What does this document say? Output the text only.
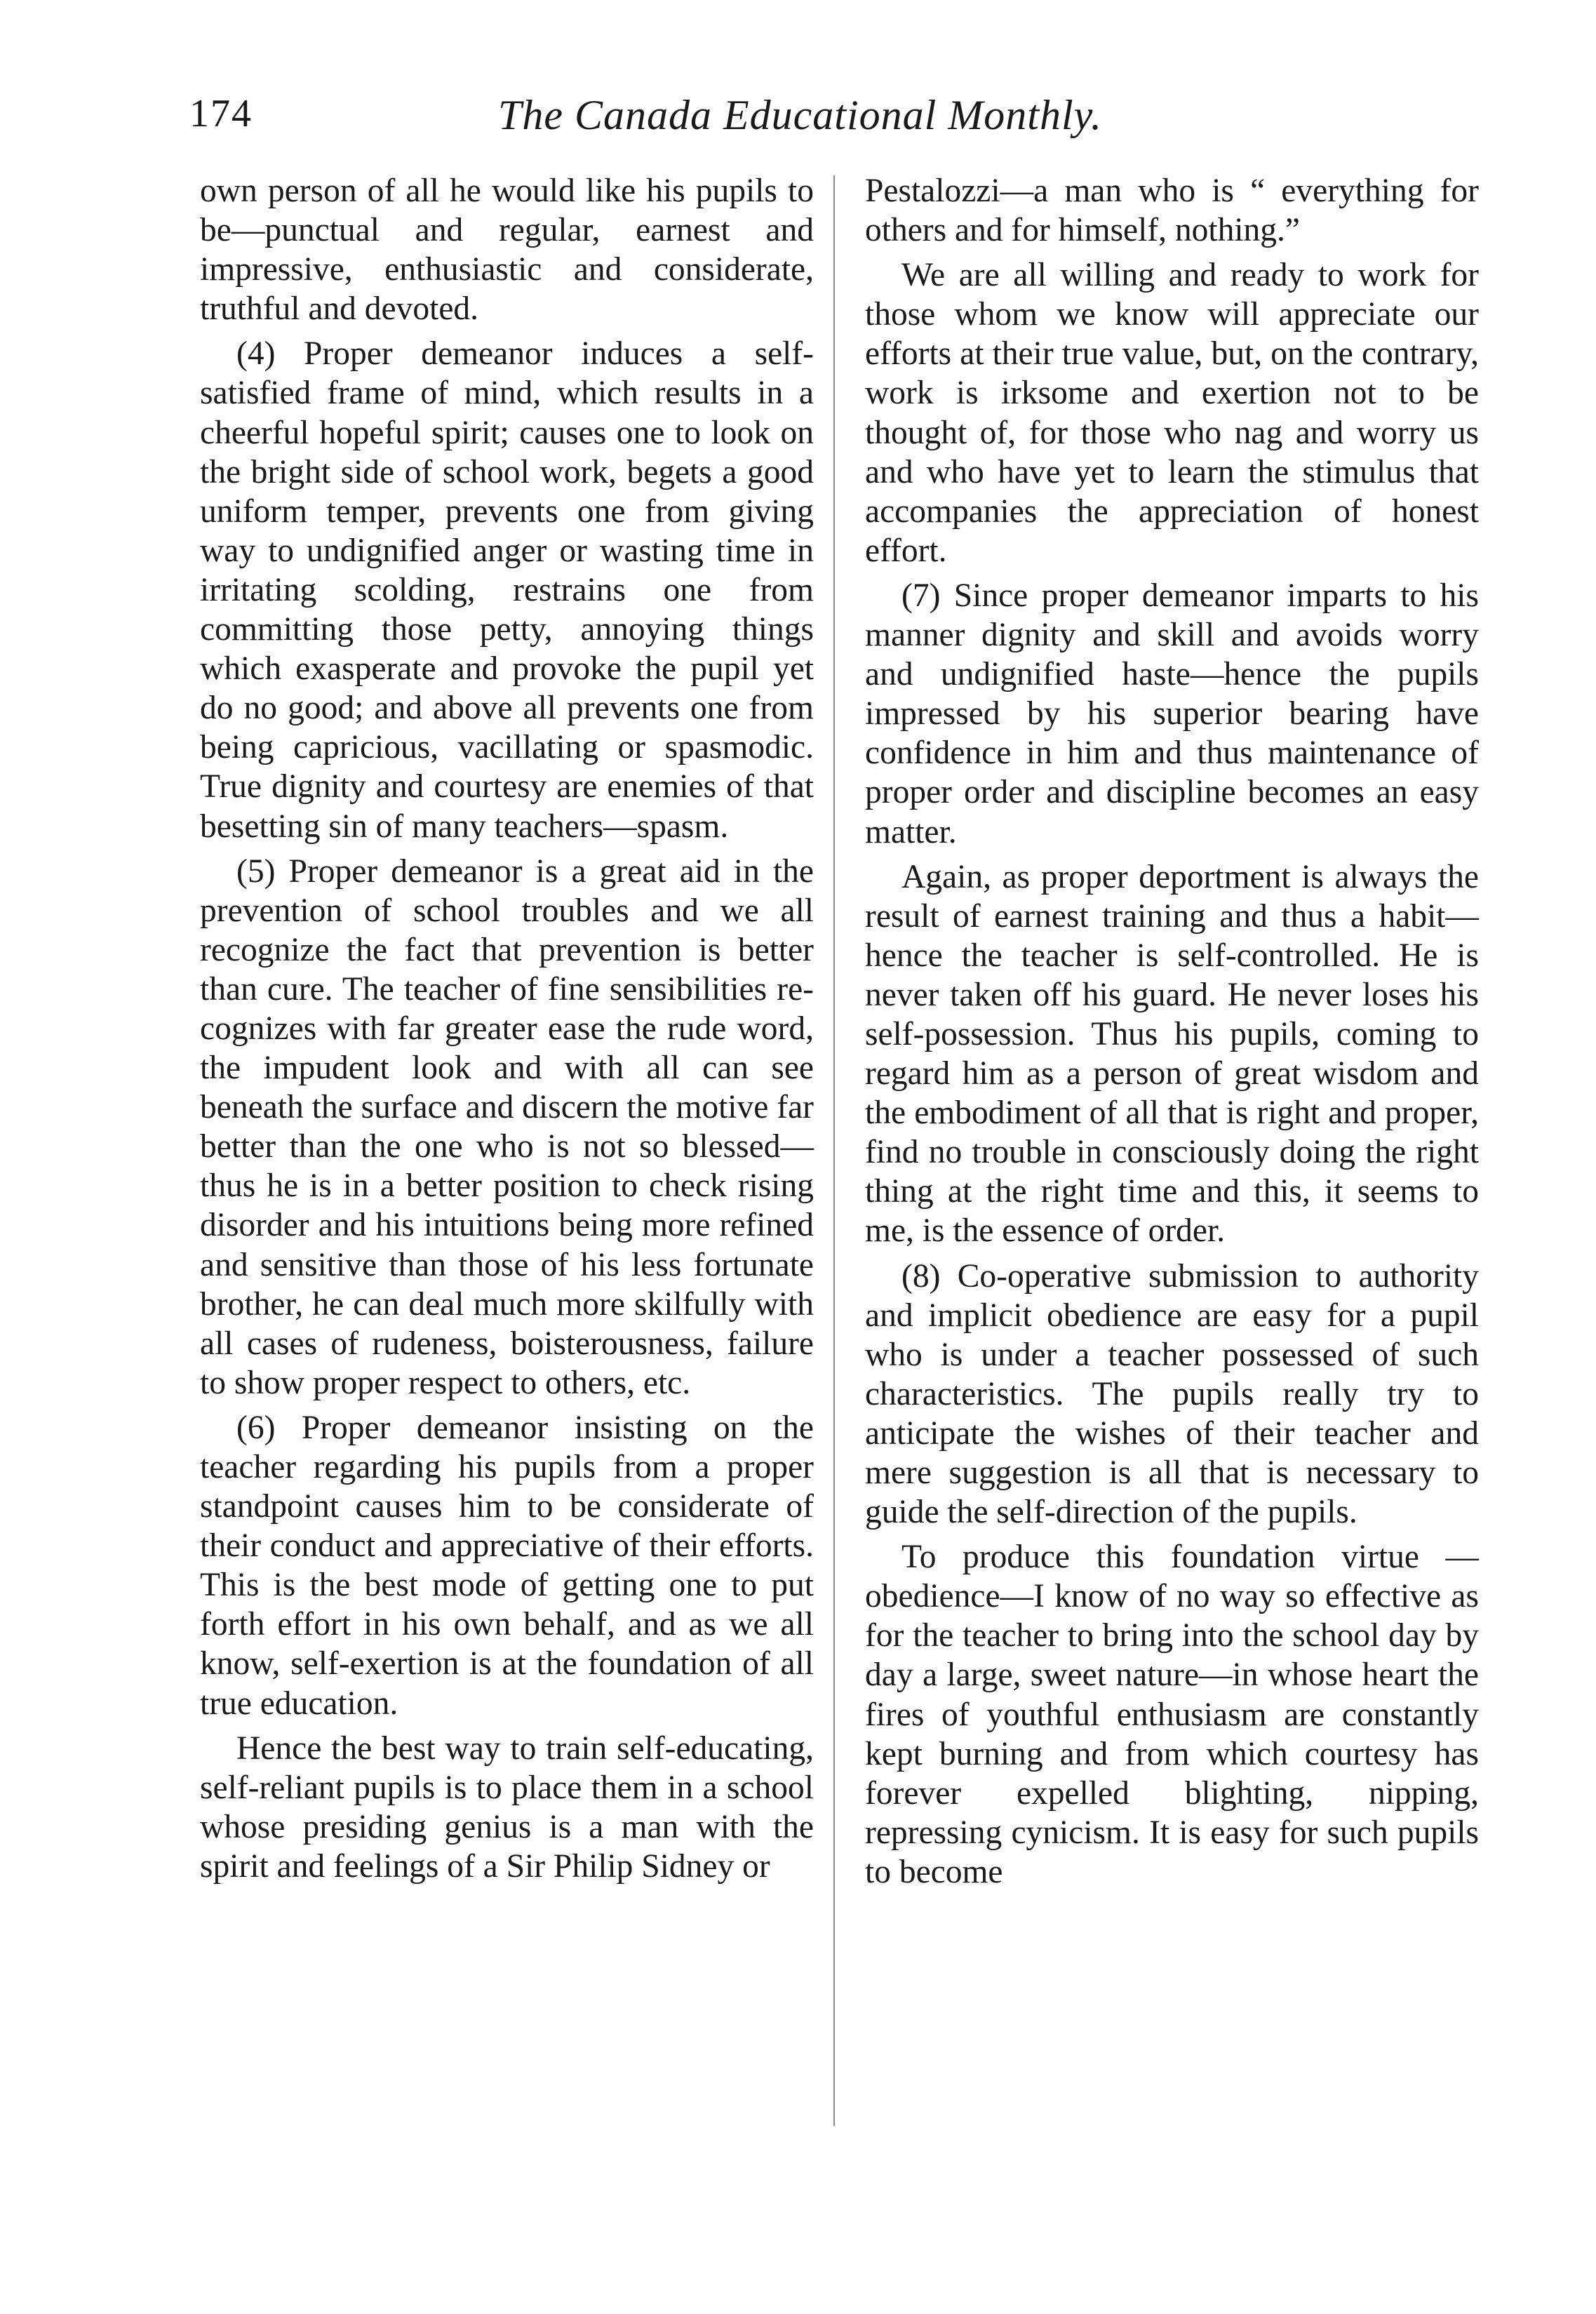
174	The Canada Educational Monthly.

own person of all he would like his pupils to be—punctual and regular, earnest and impressive, enthusiastic and considerate, truthful and devoted.

(4) Proper demeanor induces a self-satisfied frame of mind, which results in a cheerful hopeful spirit; causes one to look on the bright side of school work, begets a good uniform temper, prevents one from giving way to undignified anger or wasting time in irritating scolding, restrains one from committing those petty, annoying things which exasperate and provoke the pupil yet do no good; and above all prevents one from being capricious, vacillating or spasmodic. True dignity and courtesy are enemies of that besetting sin of many teachers—spasm.

(5) Proper demeanor is a great aid in the prevention of school troubles and we all recognize the fact that prevention is better than cure. The teacher of fine sensibilities recognizes with far greater ease the rude word, the impudent look and with all can see beneath the surface and discern the motive far better than the one who is not so blessed—thus he is in a better position to check rising disorder and his intuitions being more refined and sensitive than those of his less fortunate brother, he can deal much more skilfully with all cases of rudeness, boisterousness, failure to show proper respect to others, etc.

(6) Proper demeanor insisting on the teacher regarding his pupils from a proper standpoint causes him to be considerate of their conduct and appreciative of their efforts. This is the best mode of getting one to put forth effort in his own behalf, and as we all know, self-exertion is at the foundation of all true education.

Hence the best way to train self-educating, self-reliant pupils is to place them in a school whose presiding genius is a man with the spirit and feelings of a Sir Philip Sidney or

Pestalozzi—a man who is “ everything for others and for himself, nothing.”

We are all willing and ready to work for those whom we know will appreciate our efforts at their true value, but, on the contrary, work is irksome and exertion not to be thought of, for those who nag and worry us and who have yet to learn the stimulus that accompanies the appreciation of honest effort.

(7) Since proper demeanor imparts to his manner dignity and skill and avoids worry and undignified haste—hence the pupils impressed by his superior bearing have confidence in him and thus maintenance of proper order and discipline becomes an easy matter.

Again, as proper deportment is always the result of earnest training and thus a habit—hence the teacher is self-controlled. He is never taken off his guard. He never loses his self-possession. Thus his pupils, coming to regard him as a person of great wisdom and the embodiment of all that is right and proper, find no trouble in consciously doing the right thing at the right time and this, it seems to me, is the essence of order.

(8) Co-operative submission to authority and implicit obedience are easy for a pupil who is under a teacher possessed of such characteristics. The pupils really try to anticipate the wishes of their teacher and mere suggestion is all that is necessary to guide the self-direction of the pupils.

To produce this foundation virtue —obedience—I know of no way so effective as for the teacher to bring into the school day by day a large, sweet nature—in whose heart the fires of youthful enthusiasm are constantly kept burning and from which courtesy has forever expelled blighting, nipping, repressing cynicism. It is easy for such pupils to become
